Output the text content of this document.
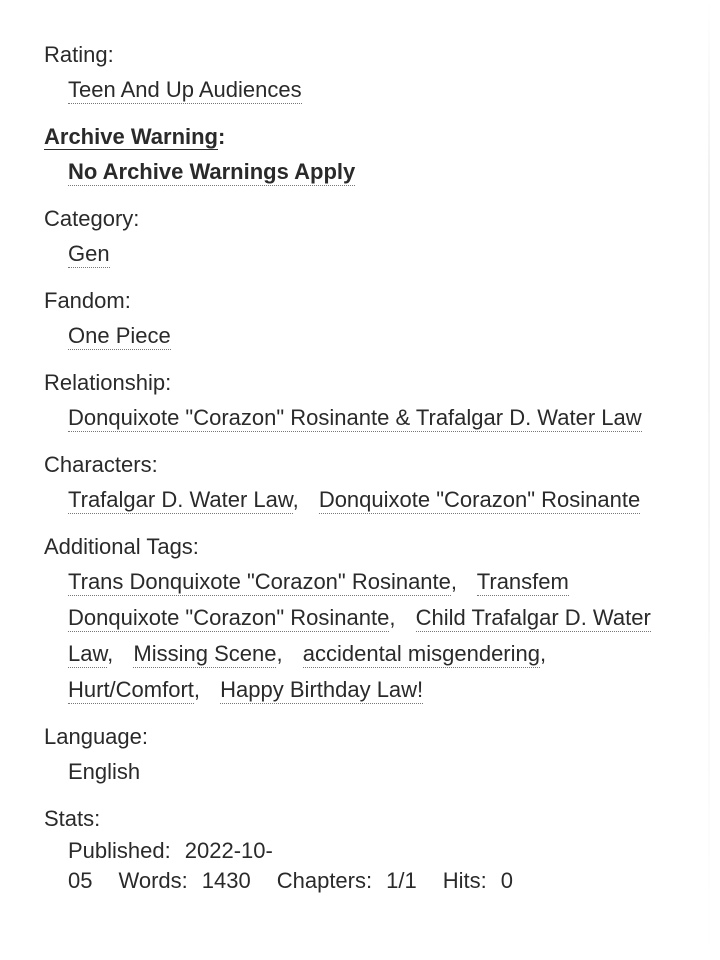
Rating:
Teen And Up Audiences
Archive Warning:
No Archive Warnings Apply
Category:
Gen
Fandom:
One Piece
Relationship:
Donquixote "Corazon" Rosinante & Trafalgar D. Water Law
Characters:
Trafalgar D. Water Law, Donquixote "Corazon" Rosinante
Additional Tags:
Trans Donquixote "Corazon" Rosinante, Transfem Donquixote "Corazon" Rosinante, Child Trafalgar D. Water Law, Missing Scene, accidental misgendering, Hurt/Comfort, Happy Birthday Law!
Language:
English
Stats:
Published: 2022-10-05 Words: 1430 Chapters: 1/1 Hits: 0
